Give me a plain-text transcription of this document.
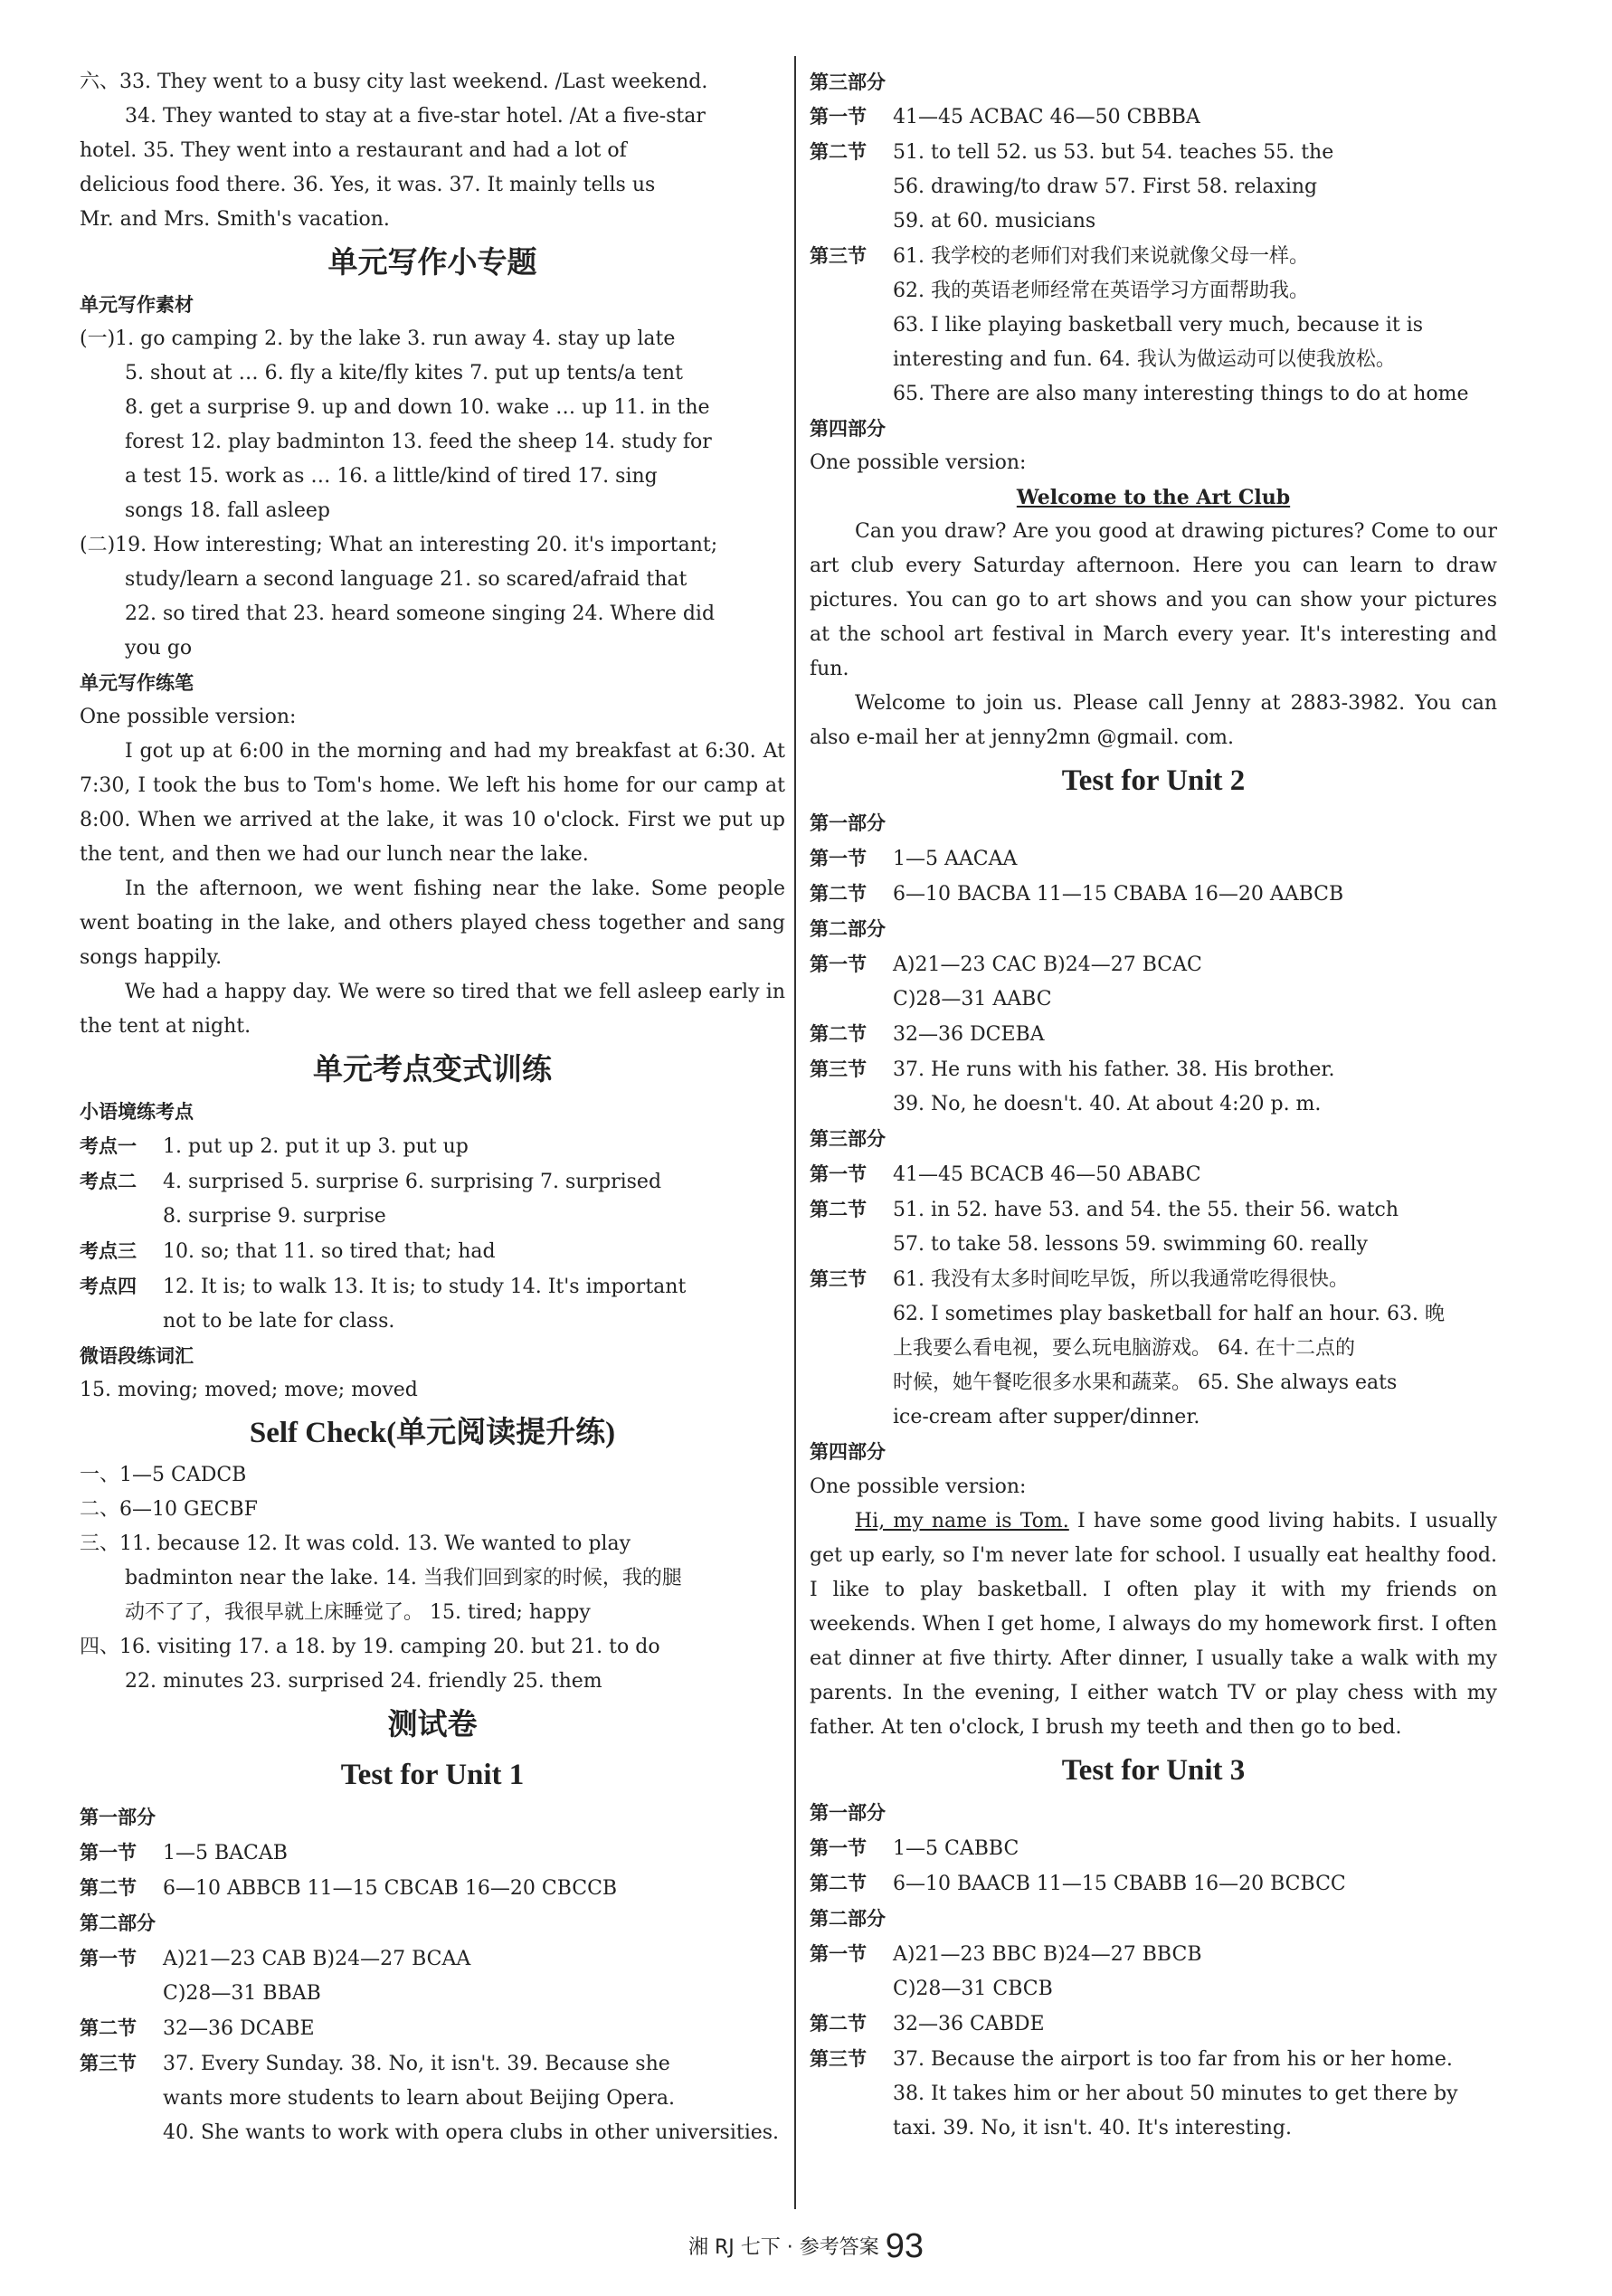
六、33. They went to a busy city last weekend. /Last weekend.
34. They wanted to stay at a five-star hotel. /At a five-star
hotel. 35. They went into a restaurant and had a lot of
delicious food there. 36. Yes, it was. 37. It mainly tells us
Mr. and Mrs. Smith's vacation.
单元写作小专题
单元写作素材
(一)1. go camping 2. by the lake 3. run away 4. stay up late
5. shout at … 6. fly a kite/fly kites 7. put up tents/a tent
8. get a surprise 9. up and down 10. wake … up 11. in the
forest 12. play badminton 13. feed the sheep 14. study for
a test 15. work as … 16. a little/kind of tired 17. sing
songs 18. fall asleep
(二)19. How interesting; What an interesting 20. it's important;
study/learn a second language 21. so scared/afraid that
22. so tired that 23. heard someone singing 24. Where did
you go
单元写作练笔
One possible version:

I got up at 6:00 in the morning and had my breakfast at 6:30. At 7:30, I took the bus to Tom's home. We left his home for our camp at 8:00. When we arrived at the lake, it was 10 o'clock. First we put up the tent, and then we had our lunch near the lake.

In the afternoon, we went fishing near the lake. Some people went boating in the lake, and others played chess together and sang songs happily.

We had a happy day. We were so tired that we fell asleep early in the tent at night.

单元考点变式训练
小语境练考点
考点一 1. put up 2. put it up 3. put up
考点二 4. surprised 5. surprise 6. surprising 7. surprised
8. surprise 9. surprise
考点三 10. so; that 11. so tired that; had
考点四 12. It is; to walk 13. It is; to study 14. It's important
not to be late for class.
微语段练词汇
15. moving; moved; move; moved
Self Check(单元阅读提升练)
一、1—5 CADCB
二、6—10 GECBF
三、11. because 12. It was cold. 13. We wanted to play
badminton near the lake. 14. 当我们回到家的时候，我的腿
动不了了，我很早就上床睡觉了。 15. tired; happy
四、16. visiting 17. a 18. by 19. camping 20. but 21. to do
22. minutes 23. surprised 24. friendly 25. them
测试卷
Test for Unit 1
第一部分
第一节 1—5 BACAB
第二节 6—10 ABBCB 11—15 CBCAB 16—20 CBCCB
第二部分
第一节 A)21—23 CAB B)24—27 BCAA
C)28—31 BBAB
第二节 32—36 DCABE
第三节 37. Every Sunday. 38. No, it isn't. 39. Because she
wants more students to learn about Beijing Opera.
40. She wants to work with opera clubs in other universities.
第三部分
第一节 41—45 ACBAC 46—50 CBBBA
第二节 51. to tell 52. us 53. but 54. teaches 55. the
56. drawing/to draw 57. First 58. relaxing
59. at 60. musicians
第三节 61. 我学校的老师们对我们来说就像父母一样。
62. 我的英语老师经常在英语学习方面帮助我。
63. I like playing basketball very much, because it is
interesting and fun. 64. 我认为做运动可以使我放松。
65. There are also many interesting things to do at home
第四部分
One possible version:
Welcome to the Art Club

Can you draw? Are you good at drawing pictures? Come to our art club every Saturday afternoon. Here you can learn to draw pictures. You can go to art shows and you can show your pictures at the school art festival in March every year. It's interesting and fun.

Welcome to join us. Please call Jenny at 2883-3982. You can also e-mail her at jenny2mn @gmail. com.

Test for Unit 2
第一部分
第一节 1—5 AACAA
第二节 6—10 BACBA 11—15 CBABA 16—20 AABCB
第二部分
第一节 A)21—23 CAC B)24—27 BCAC
C)28—31 AABC
第二节 32—36 DCEBA
第三节 37. He runs with his father. 38. His brother.
39. No, he doesn't. 40. At about 4:20 p. m.
第三部分
第一节 41—45 BCACB 46—50 ABABC
第二节 51. in 52. have 53. and 54. the 55. their 56. watch
57. to take 58. lessons 59. swimming 60. really
第三节 61. 我没有太多时间吃早饭，所以我通常吃得很快。
62. I sometimes play basketball for half an hour. 63. 晚
上我要么看电视，要么玩电脑游戏。 64. 在十二点的
时候，她午餐吃很多水果和蔬菜。 65. She always eats
ice-cream after supper/dinner.
第四部分
One possible version:

Hi, my name is Tom. I have some good living habits. I usually get up early, so I'm never late for school. I usually eat healthy food. I like to play basketball. I often play it with my friends on weekends. When I get home, I always do my homework first. I often eat dinner at five thirty. After dinner, I usually take a walk with my parents. In the evening, I either watch TV or play chess with my father. At ten o'clock, I brush my teeth and then go to bed.

Test for Unit 3
第一部分
第一节 1—5 CABBC
第二节 6—10 BAACB 11—15 CBABB 16—20 BCBCC
第二部分
第一节 A)21—23 BBC B)24—27 BBCB
C)28—31 CBCB
第二节 32—36 CABDE
第三节 37. Because the airport is too far from his or her home.
38. It takes him or her about 50 minutes to get there by
taxi. 39. No, it isn't. 40. It's interesting.
湘 RJ 七下 · 参考答案 93
